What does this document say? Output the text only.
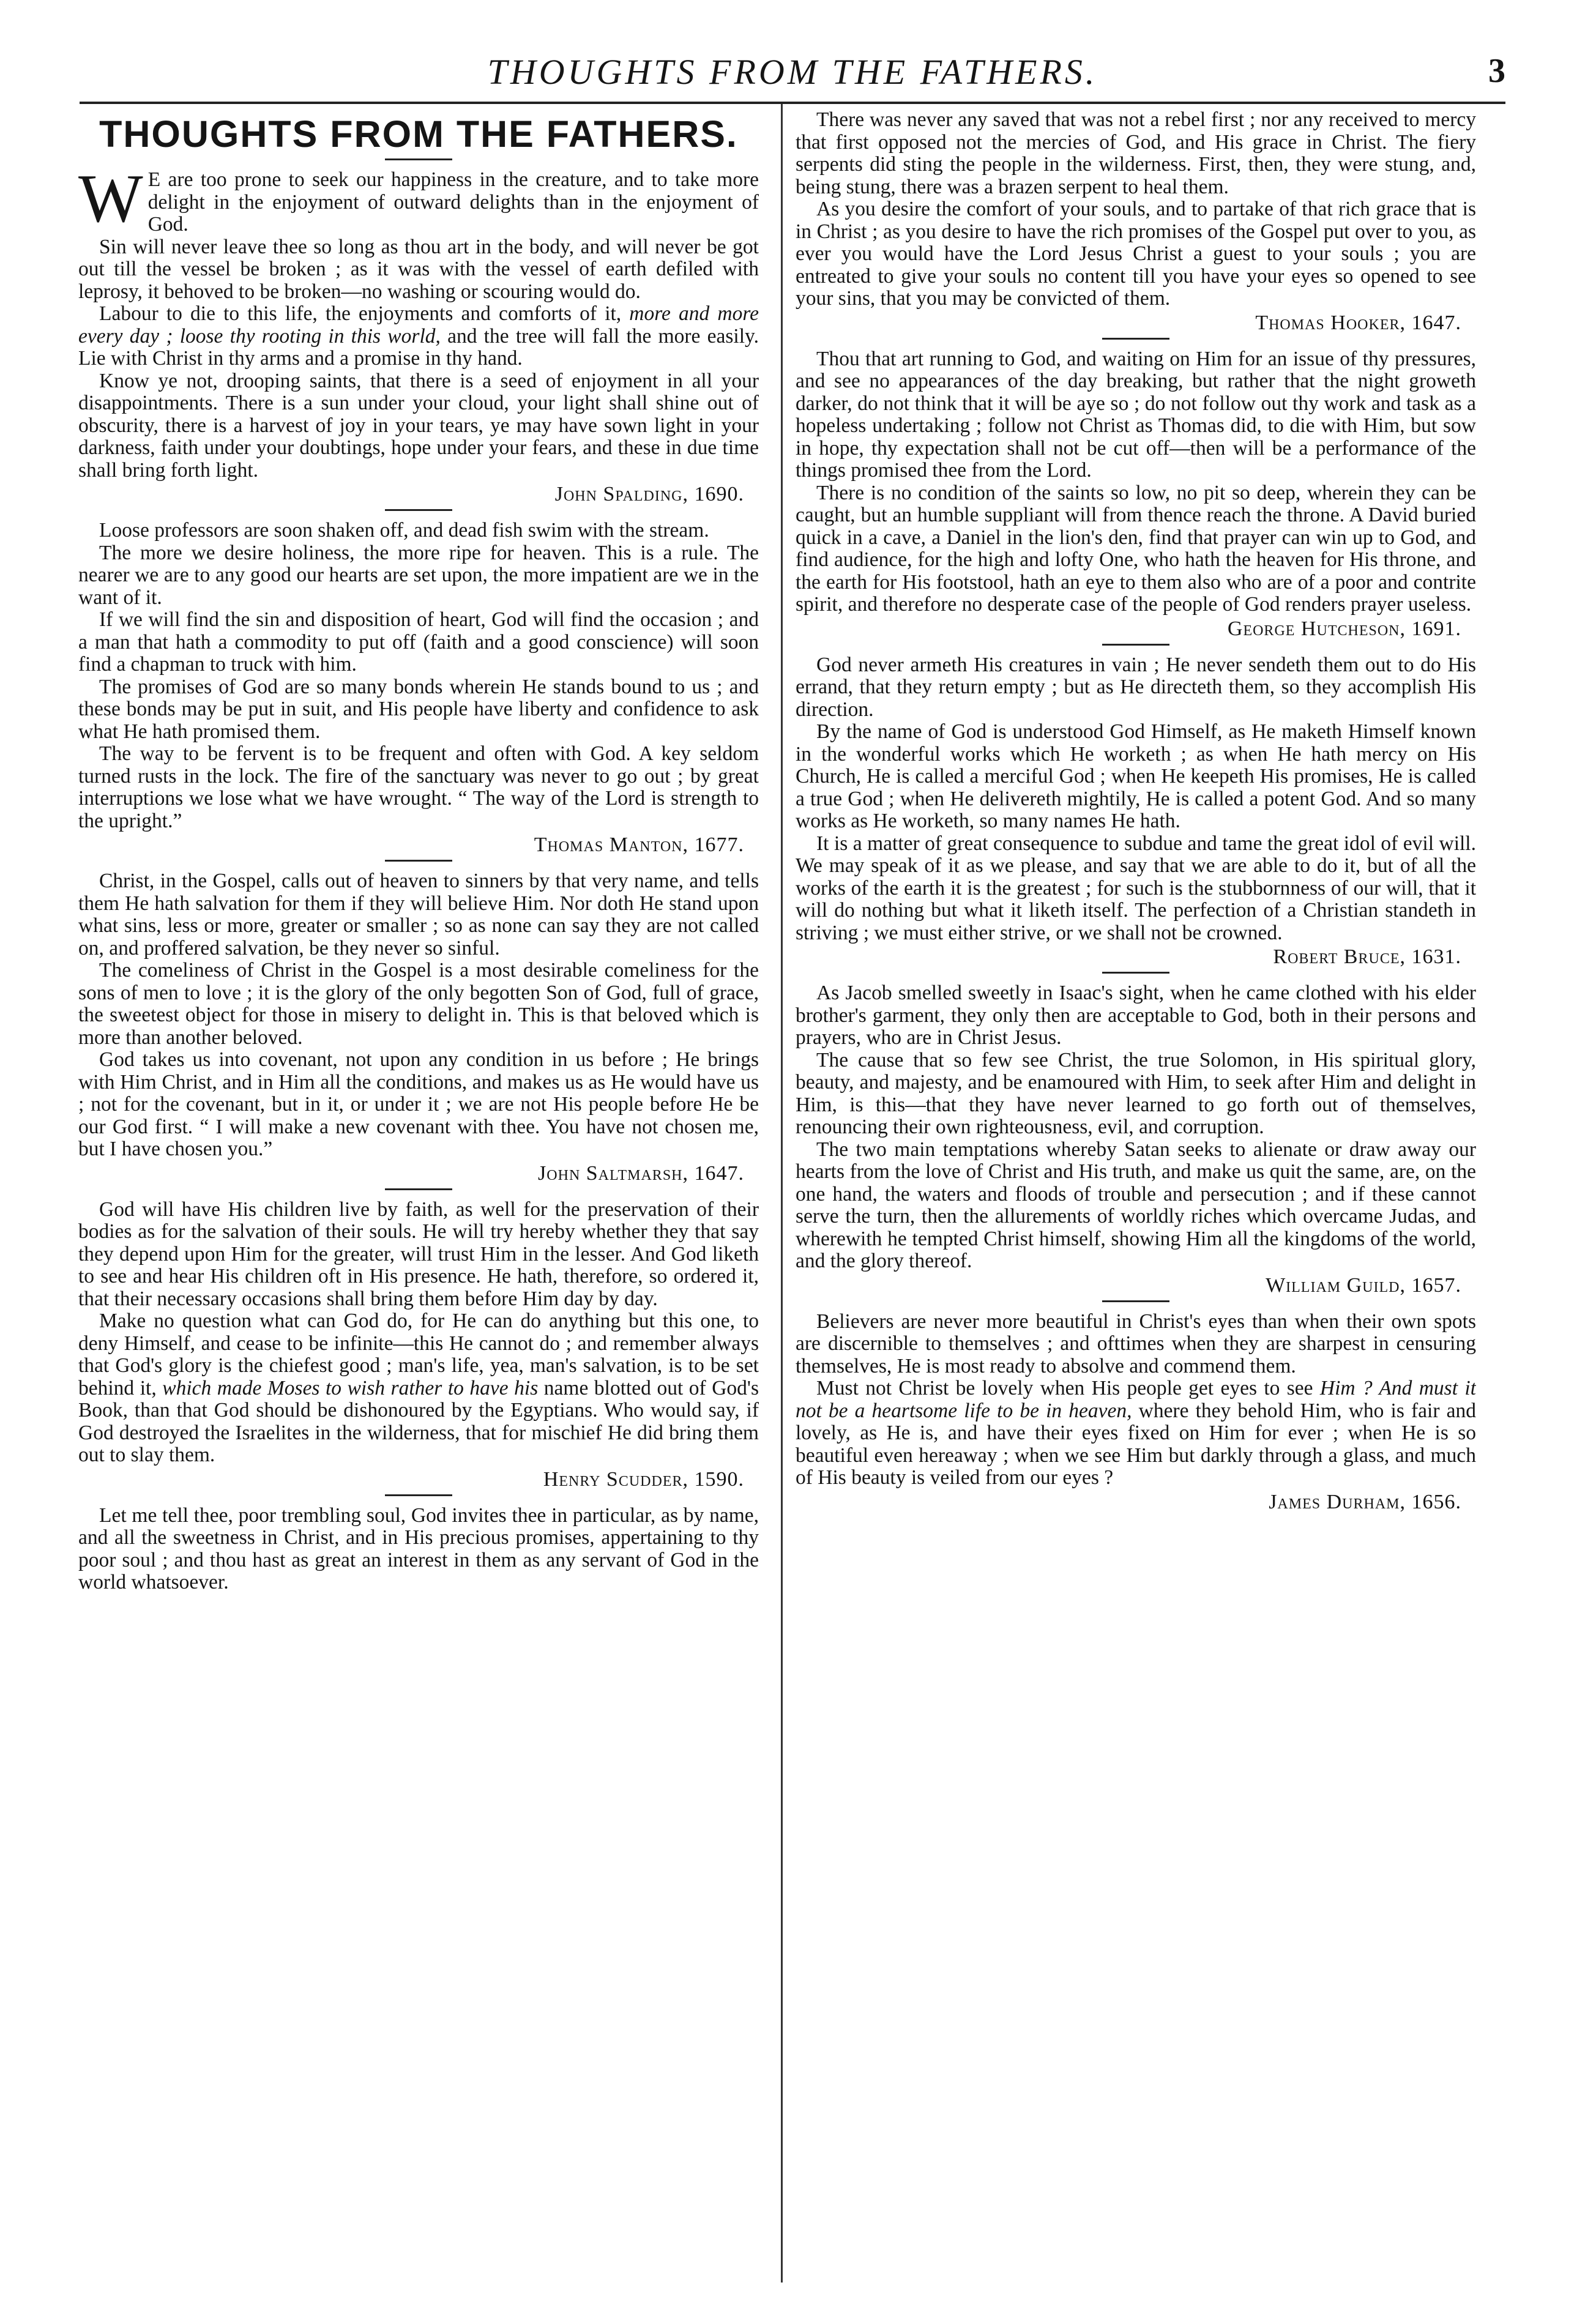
THOUGHTS FROM THE FATHERS.	3
THOUGHTS FROM THE FATHERS.

W E are too prone to seek our happiness in the creature, and to take more delight in the enjoyment of outward delights than in the enjoyment of God.

Sin will never leave thee so long as thou art in the body, and will never be got out till the vessel be broken ; as it was with the vessel of earth defiled with leprosy, it behoved to be broken—no washing or scouring would do.

Labour to die to this life, the enjoyments and comforts of it, more and more every day ; loose thy rooting in this world, and the tree will fall the more easily. Lie with Christ in thy arms and a promise in thy hand.

Know ye not, drooping saints, that there is a seed of enjoyment in all your disappointments. There is a sun under your cloud, your light shall shine out of obscurity, there is a harvest of joy in your tears, ye may have sown light in your darkness, faith under your doubtings, hope under your fears, and these in due time shall bring forth light.

John Spalding, 1690.

Loose professors are soon shaken off, and dead fish swim with the stream.

The more we desire holiness, the more ripe for heaven. This is a rule. The nearer we are to any good our hearts are set upon, the more impatient are we in the want of it.

If we will find the sin and disposition of heart, God will find the occasion ; and a man that hath a commodity to put off (faith and a good conscience) will soon find a chapman to truck with him.

The promises of God are so many bonds wherein He stands bound to us ; and these bonds may be put in suit, and His people have liberty and confidence to ask what He hath promised them.

The way to be fervent is to be frequent and often with God. A key seldom turned rusts in the lock. The fire of the sanctuary was never to go out ; by great interruptions we lose what we have wrought. “ The way of the Lord is strength to the upright.”

Thomas Manton, 1677.

Christ, in the Gospel, calls out of heaven to sinners by that very name, and tells them He hath salvation for them if they will believe Him. Nor doth He stand upon what sins, less or more, greater or smaller ; so as none can say they are not called on, and proffered salvation, be they never so sinful.

The comeliness of Christ in the Gospel is a most desirable comeliness for the sons of men to love ; it is the glory of the only begotten Son of God, full of grace, the sweetest object for those in misery to delight in. This is that beloved which is more than another beloved.

God takes us into covenant, not upon any condition in us before ; He brings with Him Christ, and in Him all the conditions, and makes us as He would have us ; not for the covenant, but in it, or under it ; we are not His people before He be our God first. “ I will make a new covenant with thee. You have not chosen me, but I have chosen you.”

John Saltmarsh, 1647.

God will have His children live by faith, as well for the preservation of their bodies as for the salvation of their souls. He will try hereby whether they that say they depend upon Him for the greater, will trust Him in the lesser. And God liketh to see and hear His children oft in His presence. He hath, therefore, so ordered it, that their necessary occasions shall bring them before Him day by day.

Make no question what can God do, for He can do anything but this one, to deny Himself, and cease to be infinite—this He cannot do ; and remember always that God's glory is the chiefest good ; man's life, yea, man's salvation, is to be set behind it, which made Moses to wish rather to have his name blotted out of God's Book, than that God should be dishonoured by the Egyptians. Who would say, if God destroyed the Israelites in the wilderness, that for mischief He did bring them out to slay them.

Henry Scudder, 1590.

Let me tell thee, poor trembling soul, God invites thee in particular, as by name, and all the sweetness in Christ, and in His precious promises, appertaining to thy poor soul ; and thou hast as great an interest in them as any servant of God in the world whatsoever.

There was never any saved that was not a rebel first ; nor any received to mercy that first opposed not the mercies of God, and His grace in Christ. The fiery serpents did sting the people in the wilderness. First, then, they were stung, and, being stung, there was a brazen serpent to heal them.

As you desire the comfort of your souls, and to partake of that rich grace that is in Christ ; as you desire to have the rich promises of the Gospel put over to you, as ever you would have the Lord Jesus Christ a guest to your souls ; you are entreated to give your souls no content till you have your eyes so opened to see your sins, that you may be convicted of them.

Thomas Hooker, 1647.

Thou that art running to God, and waiting on Him for an issue of thy pressures, and see no appearances of the day breaking, but rather that the night groweth darker, do not think that it will be aye so ; do not follow out thy work and task as a hopeless undertaking ; follow not Christ as Thomas did, to die with Him, but sow in hope, thy expectation shall not be cut off—then will be a performance of the things promised thee from the Lord.

There is no condition of the saints so low, no pit so deep, wherein they can be caught, but an humble suppliant will from thence reach the throne. A David buried quick in a cave, a Daniel in the lion's den, find that prayer can win up to God, and find audience, for the high and lofty One, who hath the heaven for His throne, and the earth for His footstool, hath an eye to them also who are of a poor and contrite spirit, and therefore no desperate case of the people of God renders prayer useless.

George Hutcheson, 1691.

God never armeth His creatures in vain ; He never sendeth them out to do His errand, that they return empty ; but as He directeth them, so they accomplish His direction.

By the name of God is understood God Himself, as He maketh Himself known in the wonderful works which He worketh ; as when He hath mercy on His Church, He is called a merciful God ; when He keepeth His promises, He is called a true God ; when He delivereth mightily, He is called a potent God. And so many works as He worketh, so many names He hath.

It is a matter of great consequence to subdue and tame the great idol of evil will. We may speak of it as we please, and say that we are able to do it, but of all the works of the earth it is the greatest ; for such is the stubbornness of our will, that it will do nothing but what it liketh itself. The perfection of a Christian standeth in striving ; we must either strive, or we shall not be crowned.

Robert Bruce, 1631.

As Jacob smelled sweetly in Isaac's sight, when he came clothed with his elder brother's garment, they only then are acceptable to God, both in their persons and prayers, who are in Christ Jesus.

The cause that so few see Christ, the true Solomon, in His spiritual glory, beauty, and majesty, and be enamoured with Him, to seek after Him and delight in Him, is this—that they have never learned to go forth out of themselves, renouncing their own righteousness, evil, and corruption.

The two main temptations whereby Satan seeks to alienate or draw away our hearts from the love of Christ and His truth, and make us quit the same, are, on the one hand, the waters and floods of trouble and persecution ; and if these cannot serve the turn, then the allurements of worldly riches which overcame Judas, and wherewith he tempted Christ himself, showing Him all the kingdoms of the world, and the glory thereof.

William Guild, 1657.

Believers are never more beautiful in Christ's eyes than when their own spots are discernible to themselves ; and ofttimes when they are sharpest in censuring themselves, He is most ready to absolve and commend them.

Must not Christ be lovely when His people get eyes to see Him ? And must it not be a heartsome life to be in heaven, where they behold Him, who is fair and lovely, as He is, and have their eyes fixed on Him for ever ; when He is so beautiful even hereaway ; when we see Him but darkly through a glass, and much of His beauty is veiled from our eyes ?

James Durham, 1656.
